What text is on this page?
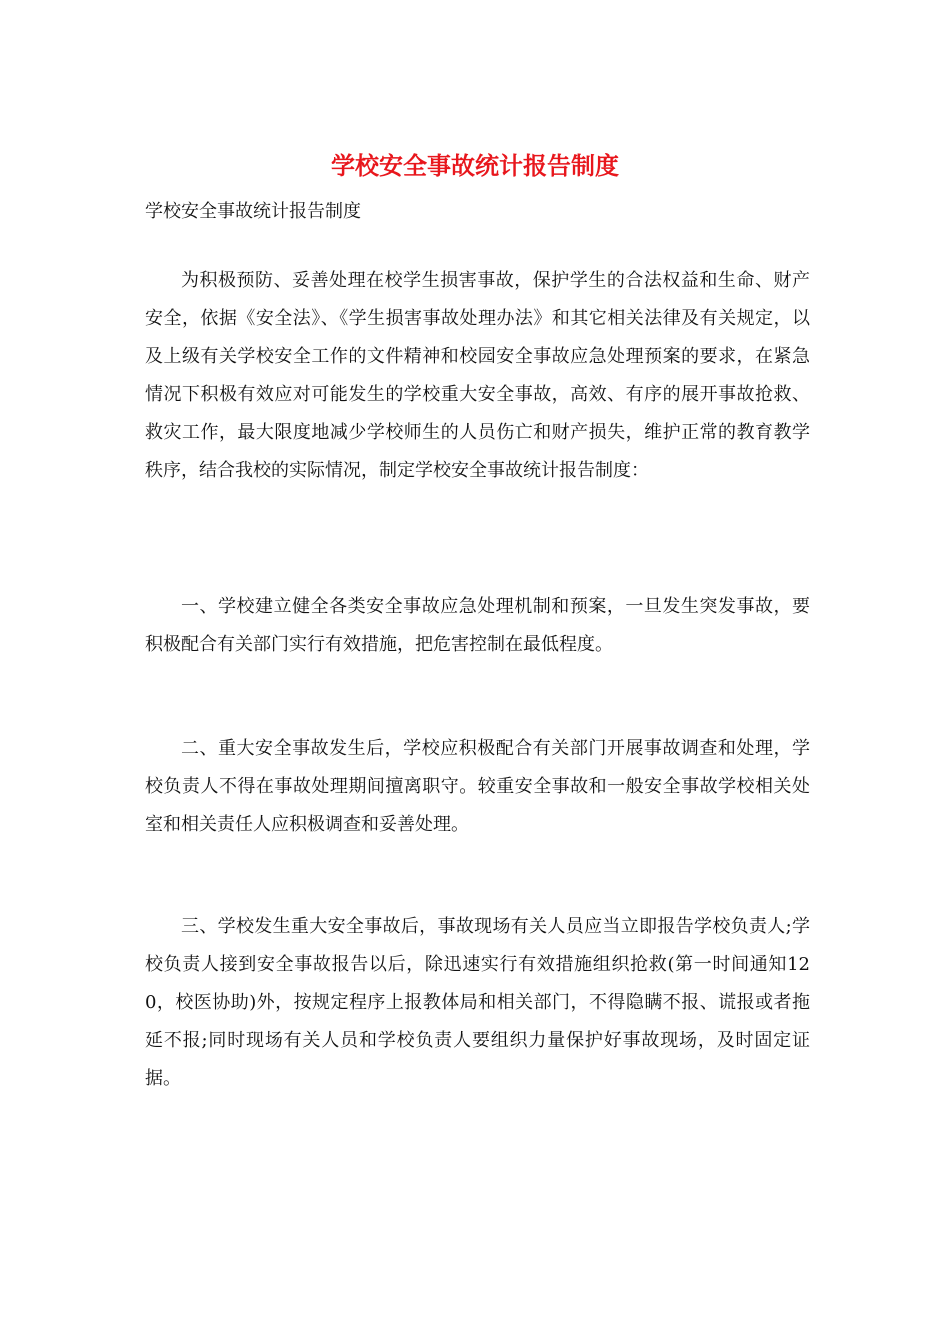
学校安全事故统计报告制度

学校安全事故统计报告制度

为积极预防、妥善处理在校学生损害事故，保护学生的合法权益和生命、财产安全，依据《安全法》、《学生损害事故处理办法》和其它相关法律及有关规定，以及上级有关学校安全工作的文件精神和校园安全事故应急处理预案的要求，在紧急情况下积极有效应对可能发生的学校重大安全事故，高效、有序的展开事故抢救、救灾工作，最大限度地减少学校师生的人员伤亡和财产损失，维护正常的教育教学秩序，结合我校的实际情况，制定学校安全事故统计报告制度：

一、学校建立健全各类安全事故应急处理机制和预案，一旦发生突发事故，要积极配合有关部门实行有效措施，把危害控制在最低程度。

二、重大安全事故发生后，学校应积极配合有关部门开展事故调查和处理，学校负责人不得在事故处理期间擅离职守。较重安全事故和一般安全事故学校相关处室和相关责任人应积极调查和妥善处理。

三、学校发生重大安全事故后，事故现场有关人员应当立即报告学校负责人;学校负责人接到安全事故报告以后，除迅速实行有效措施组织抢救(第一时间通知120，校医协助)外，按规定程序上报教体局和相关部门，不得隐瞒不报、谎报或者拖延不报;同时现场有关人员和学校负责人要组织力量保护好事故现场，及时固定证据。
